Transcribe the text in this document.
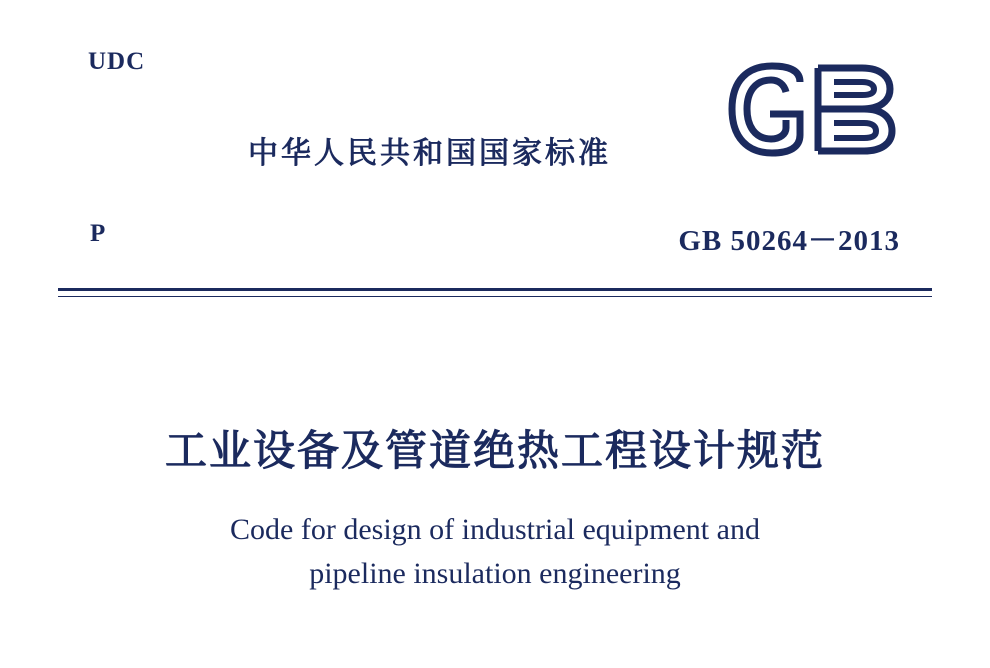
UDC
中华人民共和国国家标准
P	GB 50264－2013
工业设备及管道绝热工程设计规范
Code for design of industrial equipment and
pipeline insulation engineering
